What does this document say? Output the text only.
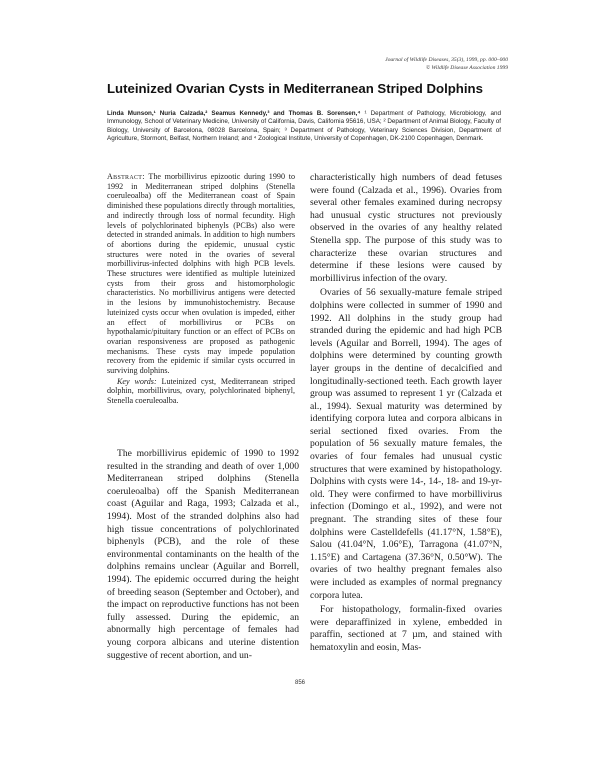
Journal of Wildlife Diseases, 35(3), 1999, pp. 000–000
© Wildlife Disease Association 1999
Luteinized Ovarian Cysts in Mediterranean Striped Dolphins
Linda Munson,¹ Nuria Calzada,² Seamus Kennedy,³ and Thomas B. Sorensen,⁴ ¹ Department of Pathology, Microbiology, and Immunology, School of Veterinary Medicine, University of California, Davis, California 95616, USA; ² Department of Animal Biology, Faculty of Biology, University of Barcelona, 08028 Barcelona, Spain; ³ Department of Pathology, Veterinary Sciences Division, Department of Agriculture, Stormont, Belfast, Northern Ireland; and ⁴ Zoological Institute, University of Copenhagen, DK-2100 Copenhagen, Denmark.

Abstract: The morbillivirus epizootic during 1990 to 1992 in Mediterranean striped dolphins (Stenella coeruleoalba) off the Mediterranean coast of Spain diminished these populations directly through mortalities, and indirectly through loss of normal fecundity. High levels of polychlorinated biphenyls (PCBs) also were detected in stranded animals. In addition to high numbers of abortions during the epidemic, unusual cystic structures were noted in the ovaries of several morbillivirus-infected dolphins with high PCB levels. These structures were identified as multiple luteinized cysts from their gross and histomorphologic characteristics. No morbillivirus antigens were detected in the lesions by immunohistochemistry. Because luteinized cysts occur when ovulation is impeded, either an effect of morbillivirus or PCBs on hypothalamic/pituitary function or an effect of PCBs on ovarian responsiveness are proposed as pathogenic mechanisms. These cysts may impede population recovery from the epidemic if similar cysts occurred in surviving dolphins.

Key words: Luteinized cyst, Mediterranean striped dolphin, morbillivirus, ovary, polychlorinated biphenyl, Stenella coeruleoalba.

The morbillivirus epidemic of 1990 to 1992 resulted in the stranding and death of over 1,000 Mediterranean striped dolphins (Stenella coeruleoalba) off the Spanish Mediterranean coast (Aguilar and Raga, 1993; Calzada et al., 1994). Most of the stranded dolphins also had high tissue concentrations of polychlorinated biphenyls (PCB), and the role of these environmental contaminants on the health of the dolphins remains unclear (Aguilar and Borrell, 1994). The epidemic occurred during the height of breeding season (September and October), and the impact on reproductive functions has not been fully assessed. During the epidemic, an abnormally high percentage of females had young corpora albicans and uterine distention suggestive of recent abortion, and un-

characteristically high numbers of dead fetuses were found (Calzada et al., 1996). Ovaries from several other females examined during necropsy had unusual cystic structures not previously observed in the ovaries of any healthy related Stenella spp. The purpose of this study was to characterize these ovarian structures and determine if these lesions were caused by morbillivirus infection of the ovary.

Ovaries of 56 sexually-mature female striped dolphins were collected in summer of 1990 and 1992. All dolphins in the study group had stranded during the epidemic and had high PCB levels (Aguilar and Borrell, 1994). The ages of dolphins were determined by counting growth layer groups in the dentine of decalcified and longitudinally-sectioned teeth. Each growth layer group was assumed to represent 1 yr (Calzada et al., 1994). Sexual maturity was determined by identifying corpora lutea and corpora albicans in serial sectioned fixed ovaries. From the population of 56 sexually mature females, the ovaries of four females had unusual cystic structures that were examined by histopathology. Dolphins with cysts were 14-, 14-, 18- and 19-yr-old. They were confirmed to have morbillivirus infection (Domingo et al., 1992), and were not pregnant. The stranding sites of these four dolphins were Castelldefells (41.17°N, 1.58°E), Salou (41.04°N, 1.06°E), Tarragona (41.07°N, 1.15°E) and Cartagena (37.36°N, 0.50°W). The ovaries of two healthy pregnant females also were included as examples of normal pregnancy corpora lutea.

For histopathology, formalin-fixed ovaries were deparaffinized in xylene, embedded in paraffin, sectioned at 7 µm, and stained with hematoxylin and eosin, Mas-

856
